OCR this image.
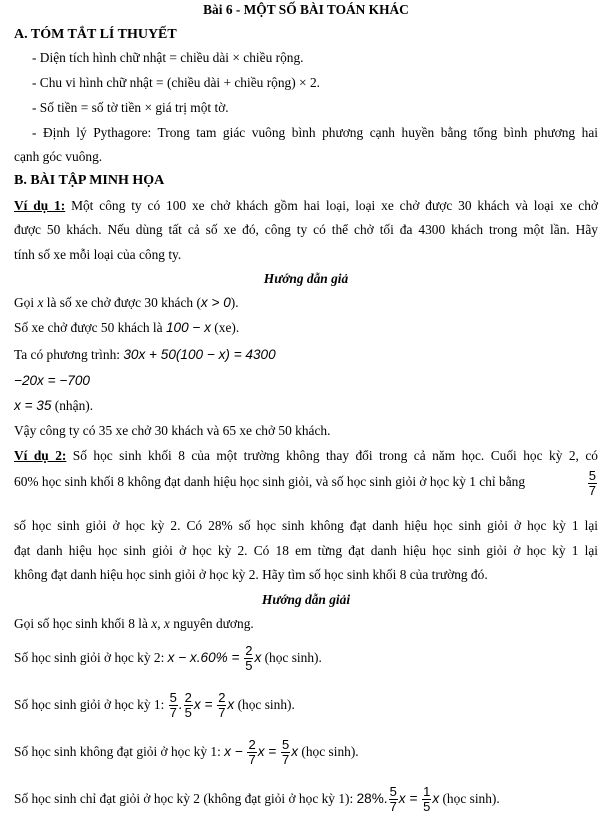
Bài 6 - MỘT SỐ BÀI TOÁN KHÁC
A. TÓM TẮT LÍ THUYẾT
- Diện tích hình chữ nhật = chiều dài × chiều rộng.
- Chu vi hình chữ nhật = (chiều dài + chiều rộng) × 2.
- Số tiền = số tờ tiền × giá trị một tờ.
- Định lý Pythagore: Trong tam giác vuông bình phương cạnh huyền bằng tổng bình phương hai
cạnh góc vuông.
B. BÀI TẬP MINH HỌA
Ví dụ 1: Một công ty có 100 xe chở khách gồm hai loại, loại xe chở được 30 khách và loại xe chở
được 50 khách. Nếu dùng tất cả số xe đó, công ty có thể chở tối đa 4300 khách trong một lần. Hãy
tính số xe mỗi loại của công ty.
Hướng dẫn giả
Gọi x là số xe chở được 30 khách (x > 0).
Số xe chở được 50 khách là 100 − x (xe).
Ta có phương trình: 30x + 50(100 − x) = 4300
−20x = −700
x = 35 (nhận).
Vậy công ty có 35 xe chở 30 khách và 65 xe chở 50 khách.
Ví dụ 2: Số học sinh khối 8 của một trường không thay đổi trong cả năm học. Cuối học kỳ 2, có
60% học sinh khối 8 không đạt danh hiệu học sinh giỏi, và số học sinh giỏi ở học kỳ 1 chỉ bằng	$\frac{5}{7}$
số học sinh giỏi ở học kỳ 2. Có 28% số học sinh không đạt danh hiệu học sinh giỏi ở học kỳ 1 lại
đạt danh hiệu học sinh giỏi ở học kỳ 2. Có 18 em từng đạt danh hiệu học sinh giỏi ở học kỳ 1 lại
không đạt danh hiệu học sinh giỏi ở học kỳ 2. Hãy tìm số học sinh khối 8 của trường đó.
Hướng dẫn giải
Gọi số học sinh khối 8 là x, x nguyên dương.
Số học sinh giỏi ở học kỳ 2: $x - x.60\% = \frac{2}{5}$ x (học sinh).
Số học sinh giỏi ở học kỳ 1: $\frac{5}{7}$ . $\frac{2}{5}$ $x = \frac{2}{7}$ x (học sinh).
Số học sinh không đạt giỏi ở học kỳ 1: $x - \frac{2}{7}$ $x = \frac{5}{7}$ x (học sinh).
Số học sinh chỉ đạt giỏi ở học kỳ 2 (không đạt giỏi ở học kỳ 1): 28%. $\frac{5}{7}$ $x = \frac{1}{5}$ x (học sinh).
